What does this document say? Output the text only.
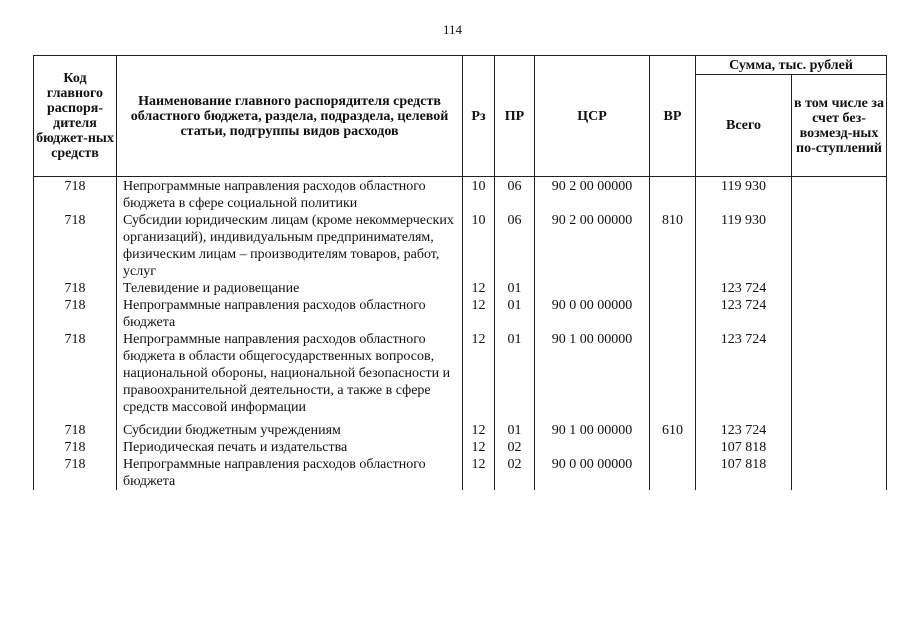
114
Код главного распоря-дителя бюджет-ных средств	Наименование главного распорядителя средств областного бюджета, раздела, подраздела, целевой статьи, подгруппы видов расходов	Рз	ПР	ЦСР	ВР	Сумма, тыс. рублей	
						Всего	в том числе за счет без-возмезд-ных по-ступлений
718	Непрограммные направления расходов областного бюджета в сфере социальной политики	10	06	90 2 00 00000		119 930	
718	Субсидии юридическим лицам (кроме некоммерческих организаций), индивидуальным предпринимателям, физическим лицам – производителям товаров, работ, услуг	10	06	90 2 00 00000	810	119 930	
718	Телевидение и радиовещание	12	01			123 724	
718	Непрограммные направления расходов областного бюджета	12	01	90 0 00 00000		123 724	
718	Непрограммные направления расходов областного бюджета в области общегосударственных вопросов, национальной обороны, национальной безопасности и правоохранительной деятельности, а также в сфере средств массовой информации	12	01	90 1 00 00000		123 724	
718	Субсидии бюджетным учреждениям	12	01	90 1 00 00000	610	123 724	
718	Периодическая печать и издательства	12	02			107 818	
718	Непрограммные направления расходов областного бюджета	12	02	90 0 00 00000		107 818	
